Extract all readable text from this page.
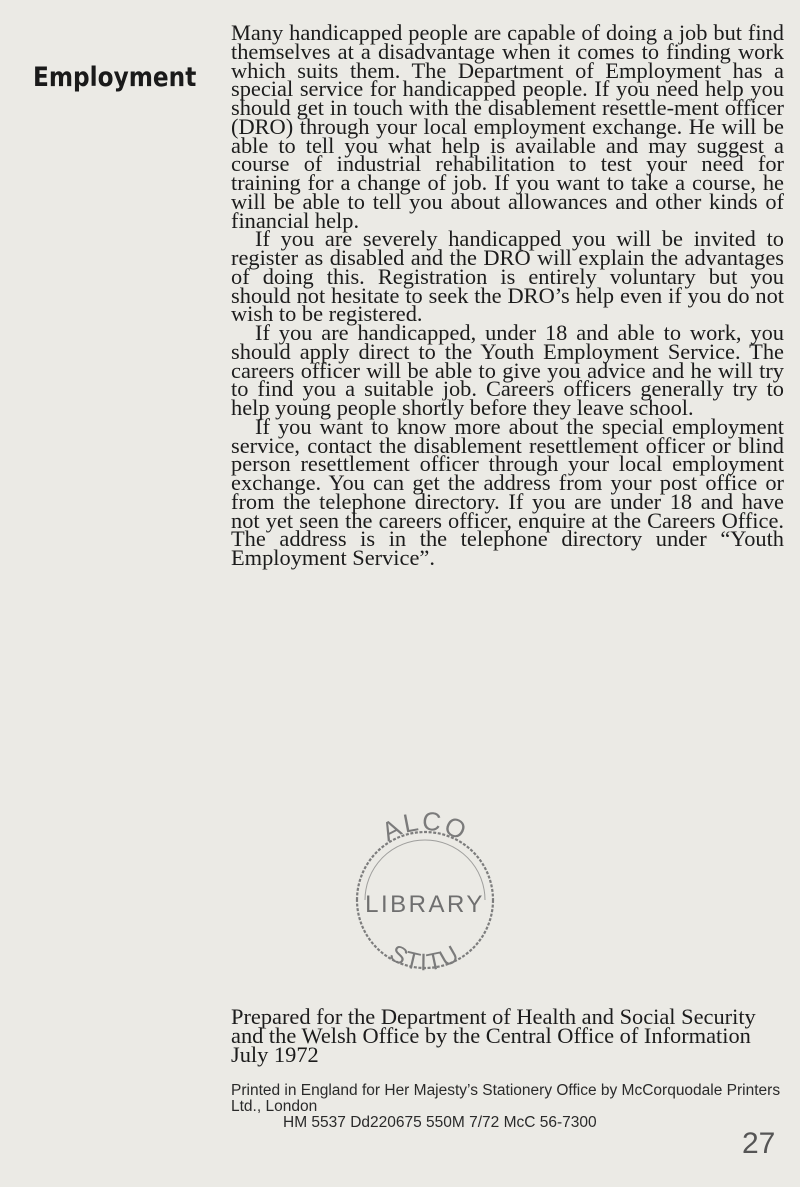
Employment

Many handicapped people are capable of doing a job but find themselves at a disadvantage when it comes to finding work which suits them. The Department of Employment has a special service for handicapped people. If you need help you should get in touch with the disablement resettle-ment officer (DRO) through your local employment exchange. He will be able to tell you what help is available and may suggest a course of industrial rehabilitation to test your need for training for a change of job. If you want to take a course, he will be able to tell you about allowances and other kinds of financial help.

If you are severely handicapped you will be invited to register as disabled and the DRO will explain the advantages of doing this. Registration is entirely voluntary but you should not hesitate to seek the DRO’s help even if you do not wish to be registered.

If you are handicapped, under 18 and able to work, you should apply direct to the Youth Employment Service. The careers officer will be able to give you advice and he will try to find you a suitable job. Careers officers generally try to help young people shortly before they leave school.

If you want to know more about the special employment service, contact the disablement resettlement officer or blind person resettlement officer through your local employment exchange. You can get the address from your post office or from the telephone directory. If you are under 18 and have not yet seen the careers officer, enquire at the Careers Office. The address is in the telephone directory under “Youth Employment Service”.

ALCO
LIBRARY
STITU

Prepared for the Department of Health and Social Security

and the Welsh Office by the Central Office of Information

July 1972

Printed in England for Her Majesty’s Stationery Office by McCorquodale Printers Ltd., London

HM 5537 Dd220675 550M 7/72 McC 56-7300

27
